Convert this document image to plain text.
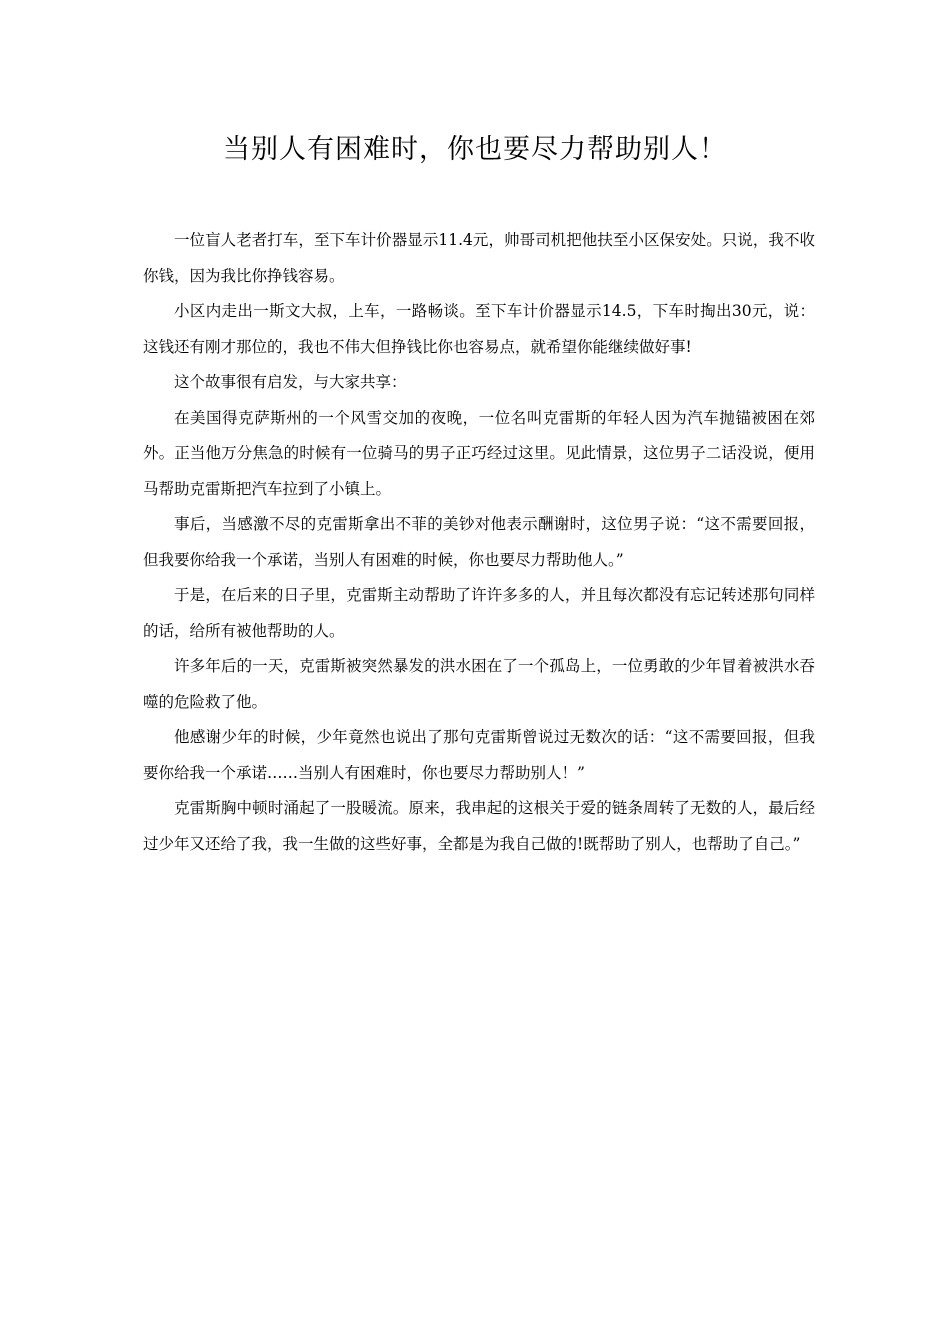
当别人有困难时，你也要尽力帮助别人！

一位盲人老者打车，至下车计价器显示11.4元，帅哥司机把他扶至小区保安处。只说，我不收你钱，因为我比你挣钱容易。

小区内走出一斯文大叔，上车，一路畅谈。至下车计价器显示14.5，下车时掏出30元，说：这钱还有刚才那位的，我也不伟大但挣钱比你也容易点，就希望你能继续做好事!

这个故事很有启发，与大家共享：

在美国得克萨斯州的一个风雪交加的夜晚，一位名叫克雷斯的年轻人因为汽车抛锚被困在郊外。正当他万分焦急的时候有一位骑马的男子正巧经过这里。见此情景，这位男子二话没说，便用马帮助克雷斯把汽车拉到了小镇上。

事后，当感激不尽的克雷斯拿出不菲的美钞对他表示酬谢时，这位男子说：“这不需要回报，但我要你给我一个承诺，当别人有困难的时候，你也要尽力帮助他人。”

于是，在后来的日子里，克雷斯主动帮助了许许多多的人，并且每次都没有忘记转述那句同样的话，给所有被他帮助的人。

许多年后的一天，克雷斯被突然暴发的洪水困在了一个孤岛上，一位勇敢的少年冒着被洪水吞噬的危险救了他。

他感谢少年的时候，少年竟然也说出了那句克雷斯曾说过无数次的话：“这不需要回报，但我要你给我一个承诺……当别人有困难时，你也要尽力帮助别人！”

克雷斯胸中顿时涌起了一股暖流。原来，我串起的这根关于爱的链条周转了无数的人，最后经过少年又还给了我，我一生做的这些好事，全都是为我自己做的!既帮助了别人，也帮助了自己。”
